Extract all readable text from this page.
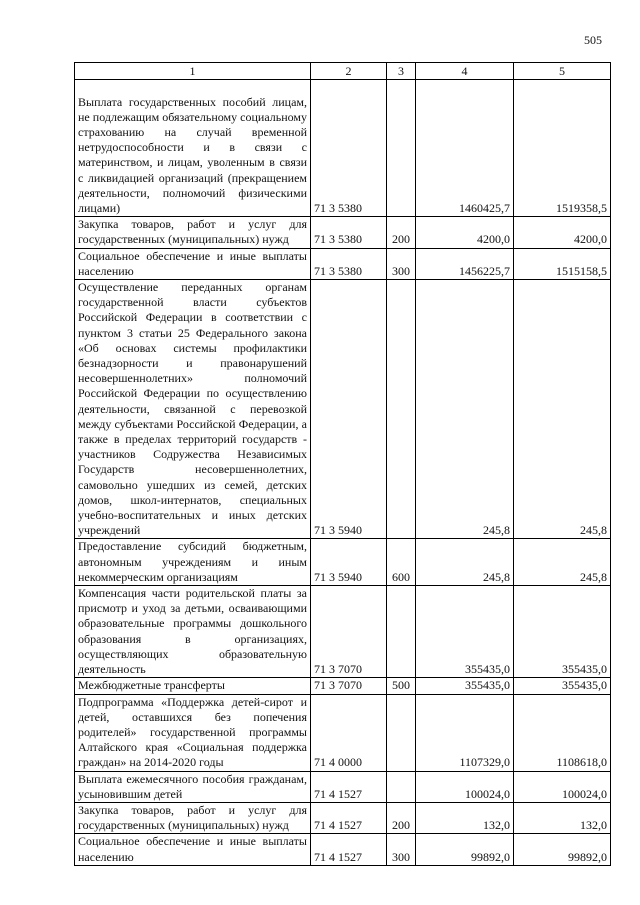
505
1	2	3	4	5
Выплата государственных пособий лицам, не подлежащим обязательному социальному страхованию на случай временной нетрудоспособности и в связи с материнством, и лицам, уволенным в связи с ликвидацией организаций (прекращением деятельности, полномочий физическими лицами)	71 3 5380		1460425,7	1519358,5
Закупка товаров, работ и услуг для государственных (муниципальных) нужд	71 3 5380	200	4200,0	4200,0
Социальное обеспечение и иные выплаты населению	71 3 5380	300	1456225,7	1515158,5
Осуществление переданных органам государственной власти субъектов Российской Федерации в соответствии с пунктом 3 статьи 25 Федерального закона «Об основах системы профилактики безнадзорности и правонарушений несовершеннолетних» полномочий Российской Федерации по осуществлению деятельности, связанной с перевозкой между субъектами Российской Федерации, а также в пределах территорий государств - участников Содружества Независимых Государств несовершеннолетних, самовольно ушедших из семей, детских домов, школ-интернатов, специальных учебно-воспитательных и иных детских учреждений	71 3 5940		245,8	245,8
Предоставление субсидий бюджетным, автономным учреждениям и иным некоммерческим организациям	71 3 5940	600	245,8	245,8
Компенсация части родительской платы за присмотр и уход за детьми, осваивающими образовательные программы дошкольного образования в организациях, осуществляющих образовательную деятельность	71 3 7070		355435,0	355435,0
Межбюджетные трансферты	71 3 7070	500	355435,0	355435,0
Подпрограмма «Поддержка детей-сирот и детей, оставшихся без попечения родителей» государственной программы Алтайского края «Социальная поддержка граждан» на 2014-2020 годы	71 4 0000		1107329,0	1108618,0
Выплата ежемесячного пособия гражданам, усыновившим детей	71 4 1527		100024,0	100024,0
Закупка товаров, работ и услуг для государственных (муниципальных) нужд	71 4 1527	200	132,0	132,0
Социальное обеспечение и иные выплаты населению	71 4 1527	300	99892,0	99892,0
